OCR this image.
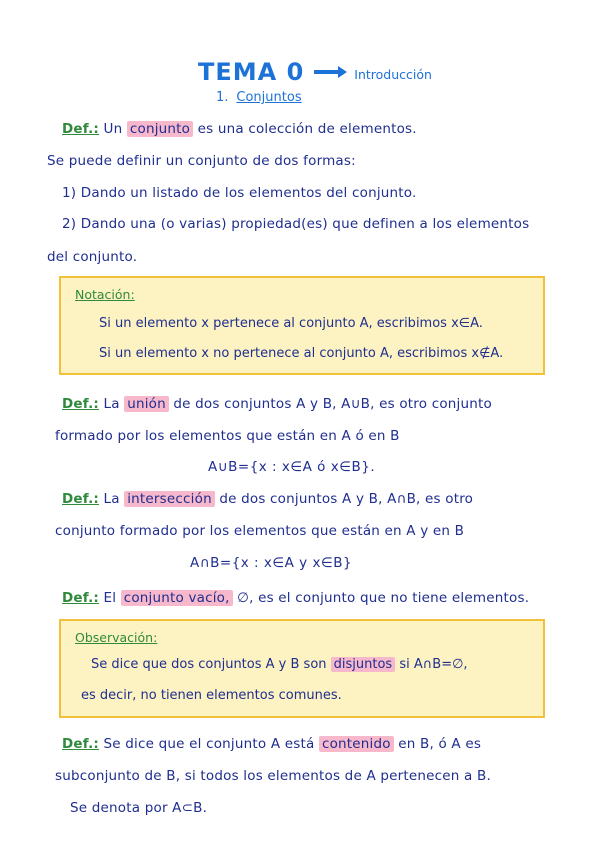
TEMA 0	Introducción
1. Conjuntos
Def.: Un conjunto es una colección de elementos.
Se puede definir un conjunto de dos formas:
1) Dando un listado de los elementos del conjunto.
2) Dando una (o varias) propiedad(es) que definen a los elementos
del conjunto.
Notación:
Si un elemento x pertenece al conjunto A, escribimos x∈A.
Si un elemento x no pertenece al conjunto A, escribimos x∉A.
Def.: La unión de dos conjuntos A y B, A∪B, es otro conjunto
formado por los elementos que están en A ó en B
A∪B={x : x∈A ó x∈B}.
Def.: La intersección de dos conjuntos A y B, A∩B, es otro
conjunto formado por los elementos que están en A y en B
A∩B={x : x∈A y x∈B}
Def.: El conjunto vacío, ∅, es el conjunto que no tiene elementos.
Observación:
Se dice que dos conjuntos A y B son disjuntos si A∩B=∅,
es decir, no tienen elementos comunes.
Def.: Se dice que el conjunto A está contenido en B, ó A es
subconjunto de B, si todos los elementos de A pertenecen a B.
Se denota por A⊂B.
